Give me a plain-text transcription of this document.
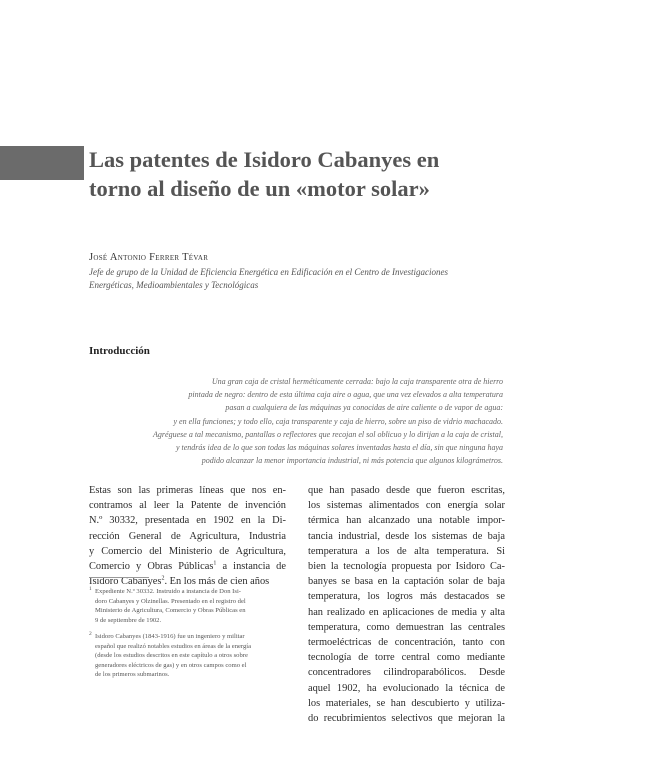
Las patentes de Isidoro Cabanyes en
torno al diseño de un «motor solar»
José Antonio Ferrer Tévar
Jefe de grupo de la Unidad de Eficiencia Energética en Edificación en el Centro de Investigaciones
Energéticas, Medioambientales y Tecnológicas
Introducción
Una gran caja de cristal herméticamente cerrada: bajo la caja transparente otra de hierro
pintada de negro: dentro de esta última caja aire o agua, que una vez elevados a alta temperatura
pasan a cualquiera de las máquinas ya conocidas de aire caliente o de vapor de agua:
y en ella funciones; y todo ello, caja transparente y caja de hierro, sobre un piso de vidrio machacado.
Agréguese a tal mecanismo, pantallas o reflectores que recojan el sol oblicuo y lo dirijan a la caja de cristal,
y tendrás idea de lo que son todas las máquinas solares inventadas hasta el día, sin que ninguna haya
podido alcanzar la menor importancia industrial, ni más potencia que algunos kilográmetros.
Estas son las primeras líneas que nos en-
contramos al leer la Patente de invención
N.º 30332, presentada en 1902 en la Di-
rección General de Agricultura, Industria
y Comercio del Ministerio de Agricultura,
Comercio y Obras Públicas$^1$ a instancia de
Isidoro Cabanyes$^2$. En los más de cien años
1 Expediente N.º 30332. Instruido a instancia de Don Isi-
doro Cabanyes y Olzinellas. Presentado en el registro del
Ministerio de Agricultura, Comercio y Obras Públicas en
9 de septiembre de 1902.
2 Isidoro Cabanyes (1843-1916) fue un ingeniero y militar
español que realizó notables estudios en áreas de la energía
(desde los estudios descritos en este capítulo a otros sobre
generadores eléctricos de gas) y en otros campos como el
de los primeros submarinos.
que han pasado desde que fueron escritas,
los sistemas alimentados con energía solar
térmica han alcanzado una notable impor-
tancia industrial, desde los sistemas de baja
temperatura a los de alta temperatura. Si
bien la tecnología propuesta por Isidoro Ca-
banyes se basa en la captación solar de baja
temperatura, los logros más destacados se
han realizado en aplicaciones de media y alta
temperatura, como demuestran las centrales
termoeléctricas de concentración, tanto con
tecnología de torre central como mediante
concentradores cilindroparabólicos. Desde
aquel 1902, ha evolucionado la técnica de
los materiales, se han descubierto y utiliza-
do recubrimientos selectivos que mejoran la
